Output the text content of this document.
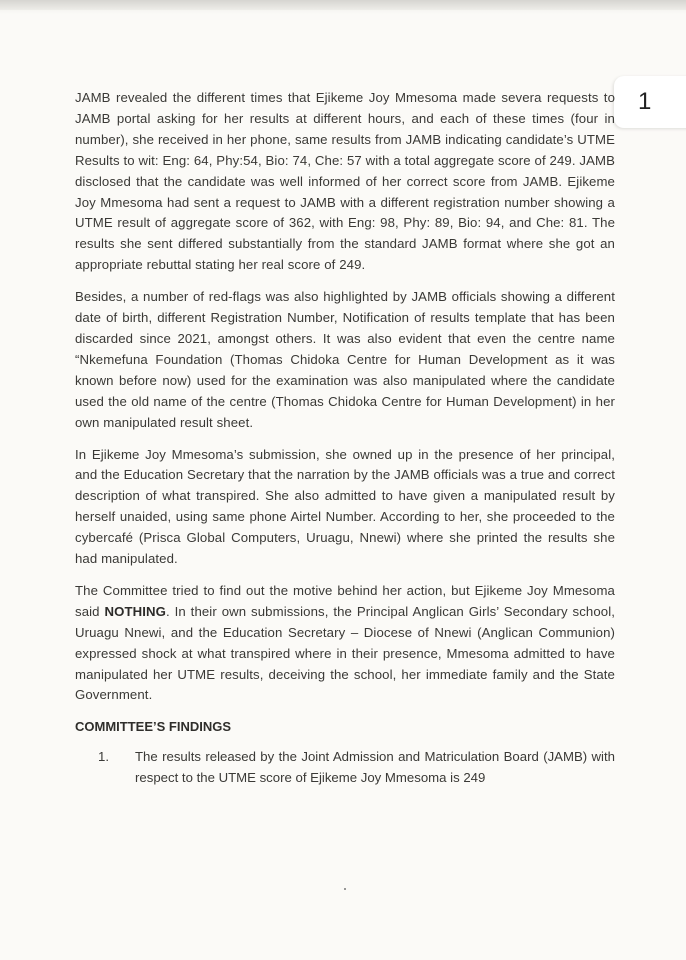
1

JAMB revealed the different times that Ejikeme Joy Mmesoma made severa requests to JAMB portal asking for her results at different hours, and each of these times (four in number), she received in her phone, same results from JAMB indicating candidate’s UTME Results to wit: Eng: 64, Phy:54, Bio: 74, Che: 57 with a total aggregate score of 249. JAMB disclosed that the candidate was well informed of her correct score from JAMB. Ejikeme Joy Mmesoma had sent a request to JAMB with a different registration number showing a UTME result of aggregate score of 362, with Eng: 98, Phy: 89, Bio: 94, and Che: 81. The results she sent differed substantially from the standard JAMB format where she got an appropriate rebuttal stating her real score of 249.

Besides, a number of red-flags was also highlighted by JAMB officials showing a different date of birth, different Registration Number, Notification of results template that has been discarded since 2021, amongst others. It was also evident that even the centre name “Nkemefuna Foundation (Thomas Chidoka Centre for Human Development as it was known before now) used for the examination was also manipulated where the candidate used the old name of the centre (Thomas Chidoka Centre for Human Development) in her own manipulated result sheet.

In Ejikeme Joy Mmesoma’s submission, she owned up in the presence of her principal, and the Education Secretary that the narration by the JAMB officials was a true and correct description of what transpired. She also admitted to have given a manipulated result by herself unaided, using same phone Airtel Number. According to her, she proceeded to the cybercafé (Prisca Global Computers, Uruagu, Nnewi) where she printed the results she had manipulated.

The Committee tried to find out the motive behind her action, but Ejikeme Joy Mmesoma said NOTHING. In their own submissions, the Principal Anglican Girls’ Secondary school, Uruagu Nnewi, and the Education Secretary – Diocese of Nnewi (Anglican Communion) expressed shock at what transpired where in their presence, Mmesoma admitted to have manipulated her UTME results, deceiving the school, her immediate family and the State Government.

COMMITTEE’S FINDINGS
1.	The results released by the Joint Admission and Matriculation Board (JAMB) with respect to the UTME score of Ejikeme Joy Mmesoma is 249
